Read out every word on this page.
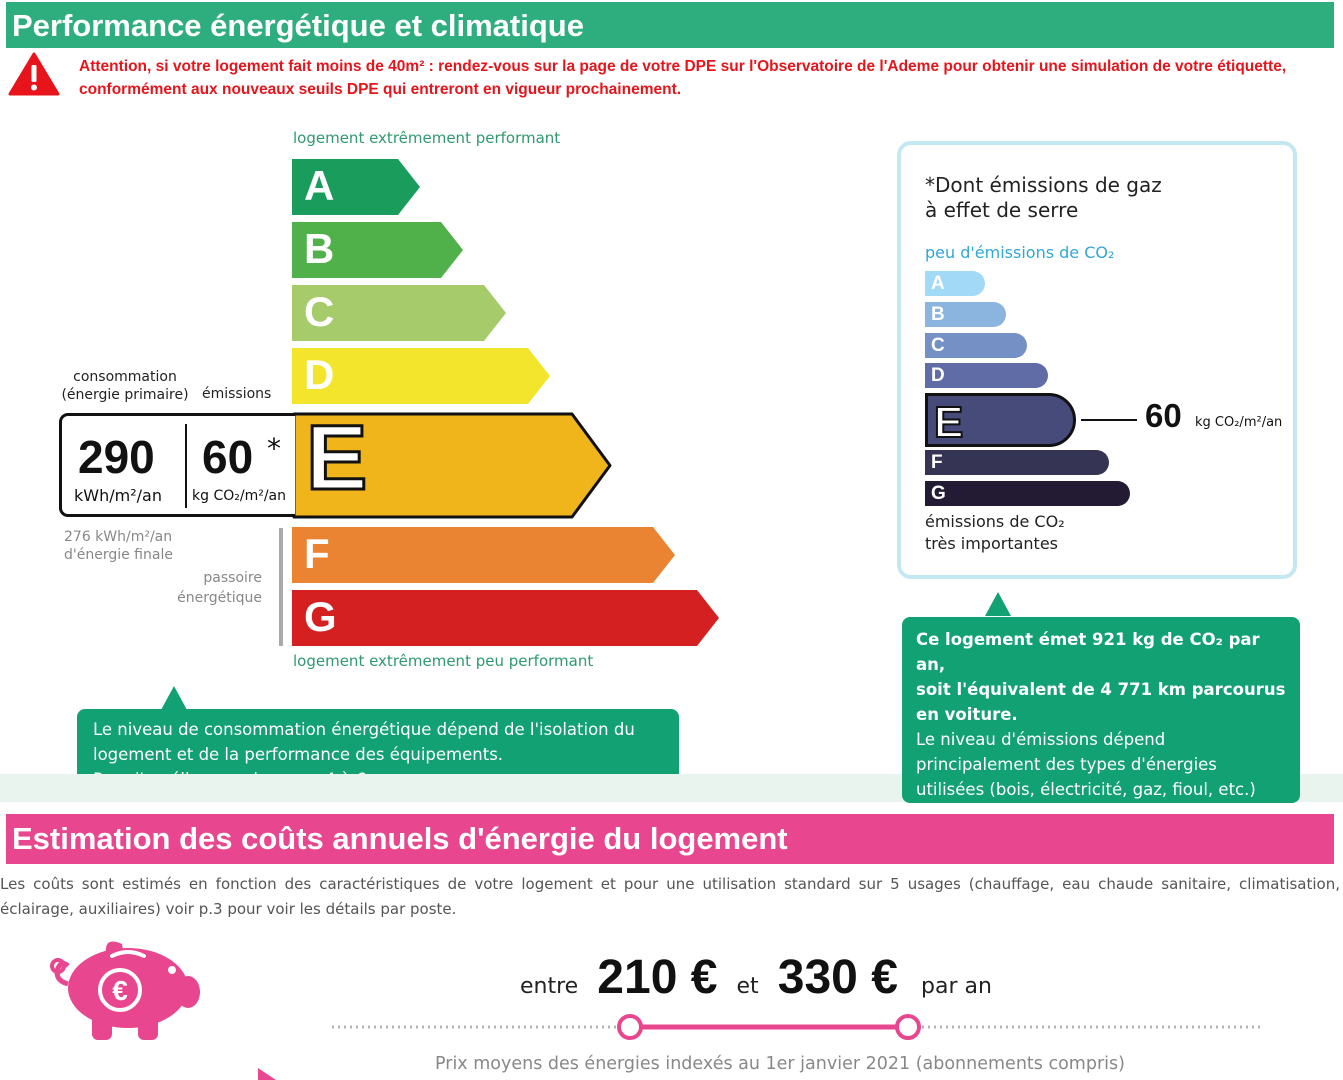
Performance énergétique et climatique
Attention, si votre logement fait moins de 40m² : rendez-vous sur la page de votre DPE sur l'Observatoire de l'Ademe pour obtenir une simulation de votre étiquette, conformément aux nouveaux seuils DPE qui entreront en vigueur prochainement.
logement extrêmement performant
A
B
C
D
E
F
G
logement extrêmement peu performant
consommation
(énergie primaire) émissions
290
kWh/m²/an
60 *
kg CO₂/m²/an
276 kWh/m²/an
d'énergie finale
passoire
énergétique
Le niveau de consommation énergétique dépend de l'isolation du
logement et de la performance des équipements.
*Dont émissions de gaz
à effet de serre
peu d'émissions de CO₂
A
B
C
D
E
F
G
60 kg CO₂/m²/an
émissions de CO₂
très importantes
Ce logement émet 921 kg de CO₂ par an,
soit l'équivalent de 4 771 km parcourus
en voiture.
Le niveau d'émissions dépend
principalement des types d'énergies
utilisées (bois, électricité, gaz, fioul, etc.)
Estimation des coûts annuels d'énergie du logement
Les coûts sont estimés en fonction des caractéristiques de votre logement et pour une utilisation standard sur 5 usages (chauffage, eau chaude sanitaire, climatisation, éclairage, auxiliaires) voir p.3 pour voir les détails par poste.
€	entre 210 € et 330 € par an
Prix moyens des énergies indexés au 1er janvier 2021 (abonnements compris)
